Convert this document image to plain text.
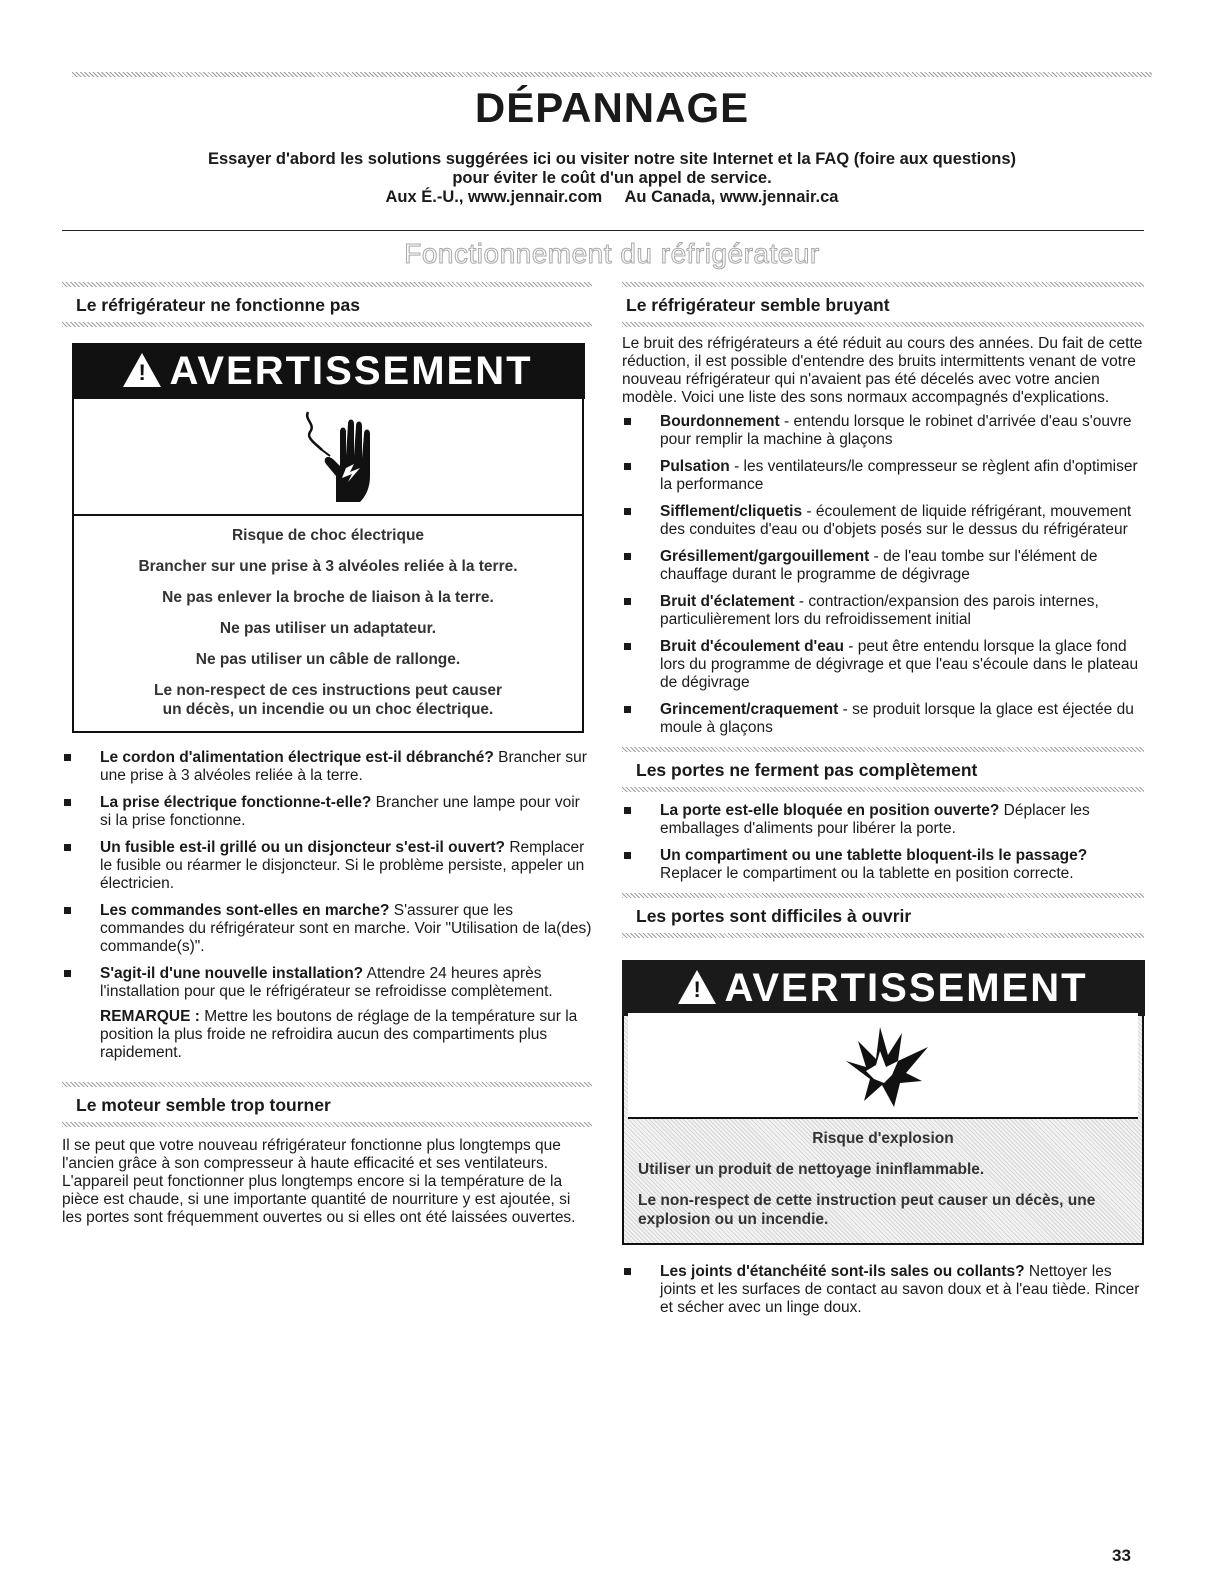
DÉPANNAGE
Essayer d'abord les solutions suggérées ici ou visiter notre site Internet et la FAQ (foire aux questions)
pour éviter le coût d'un appel de service.
Aux É.-U., www.jennair.com     Au Canada, www.jennair.ca
Fonctionnement du réfrigérateur
Le réfrigérateur ne fonctionne pas
! AVERTISSEMENT
Risque de choc électrique
Brancher sur une prise à 3 alvéoles reliée à la terre.
Ne pas enlever la broche de liaison à la terre.
Ne pas utiliser un adaptateur.
Ne pas utiliser un câble de rallonge.
Le non-respect de ces instructions peut causer un décès, un incendie ou un choc électrique.
Le cordon d'alimentation électrique est-il débranché? Brancher sur une prise à 3 alvéoles reliée à la terre.
La prise électrique fonctionne-t-elle? Brancher une lampe pour voir si la prise fonctionne.
Un fusible est-il grillé ou un disjoncteur s'est-il ouvert? Remplacer le fusible ou réarmer le disjoncteur. Si le problème persiste, appeler un électricien.
Les commandes sont-elles en marche? S'assurer que les commandes du réfrigérateur sont en marche. Voir "Utilisation de la(des) commande(s)".
S'agit-il d'une nouvelle installation? Attendre 24 heures après l'installation pour que le réfrigérateur se refroidisse complètement.

REMARQUE : Mettre les boutons de réglage de la température sur la position la plus froide ne refroidira aucun des compartiments plus rapidement.

Le moteur semble trop tourner

Il se peut que votre nouveau réfrigérateur fonctionne plus longtemps que l'ancien grâce à son compresseur à haute efficacité et ses ventilateurs. L'appareil peut fonctionner plus longtemps encore si la température de la pièce est chaude, si une importante quantité de nourriture y est ajoutée, si les portes sont fréquemment ouvertes ou si elles ont été laissées ouvertes.

Le réfrigérateur semble bruyant

Le bruit des réfrigérateurs a été réduit au cours des années. Du fait de cette réduction, il est possible d'entendre des bruits intermittents venant de votre nouveau réfrigérateur qui n'avaient pas été décelés avec votre ancien modèle. Voici une liste des sons normaux accompagnés d'explications.

Bourdonnement - entendu lorsque le robinet d'arrivée d'eau s'ouvre pour remplir la machine à glaçons
Pulsation - les ventilateurs/le compresseur se règlent afin d'optimiser la performance
Sifflement/cliquetis - écoulement de liquide réfrigérant, mouvement des conduites d'eau ou d'objets posés sur le dessus du réfrigérateur
Grésillement/gargouillement - de l'eau tombe sur l'élément de chauffage durant le programme de dégivrage
Bruit d'éclatement - contraction/expansion des parois internes, particulièrement lors du refroidissement initial
Bruit d'écoulement d'eau - peut être entendu lorsque la glace fond lors du programme de dégivrage et que l'eau s'écoule dans le plateau de dégivrage
Grincement/craquement - se produit lorsque la glace est éjectée du moule à glaçons
Les portes ne ferment pas complètement
La porte est-elle bloquée en position ouverte? Déplacer les emballages d'aliments pour libérer la porte.
Un compartiment ou une tablette bloquent-ils le passage? Replacer le compartiment ou la tablette en position correcte.
Les portes sont difficiles à ouvrir
! AVERTISSEMENT
Risque d'explosion
Utiliser un produit de nettoyage ininflammable.
Le non-respect de cette instruction peut causer un décès, une explosion ou un incendie.
Les joints d'étanchéité sont-ils sales ou collants? Nettoyer les joints et les surfaces de contact au savon doux et à l'eau tiède. Rincer et sécher avec un linge doux.
33
